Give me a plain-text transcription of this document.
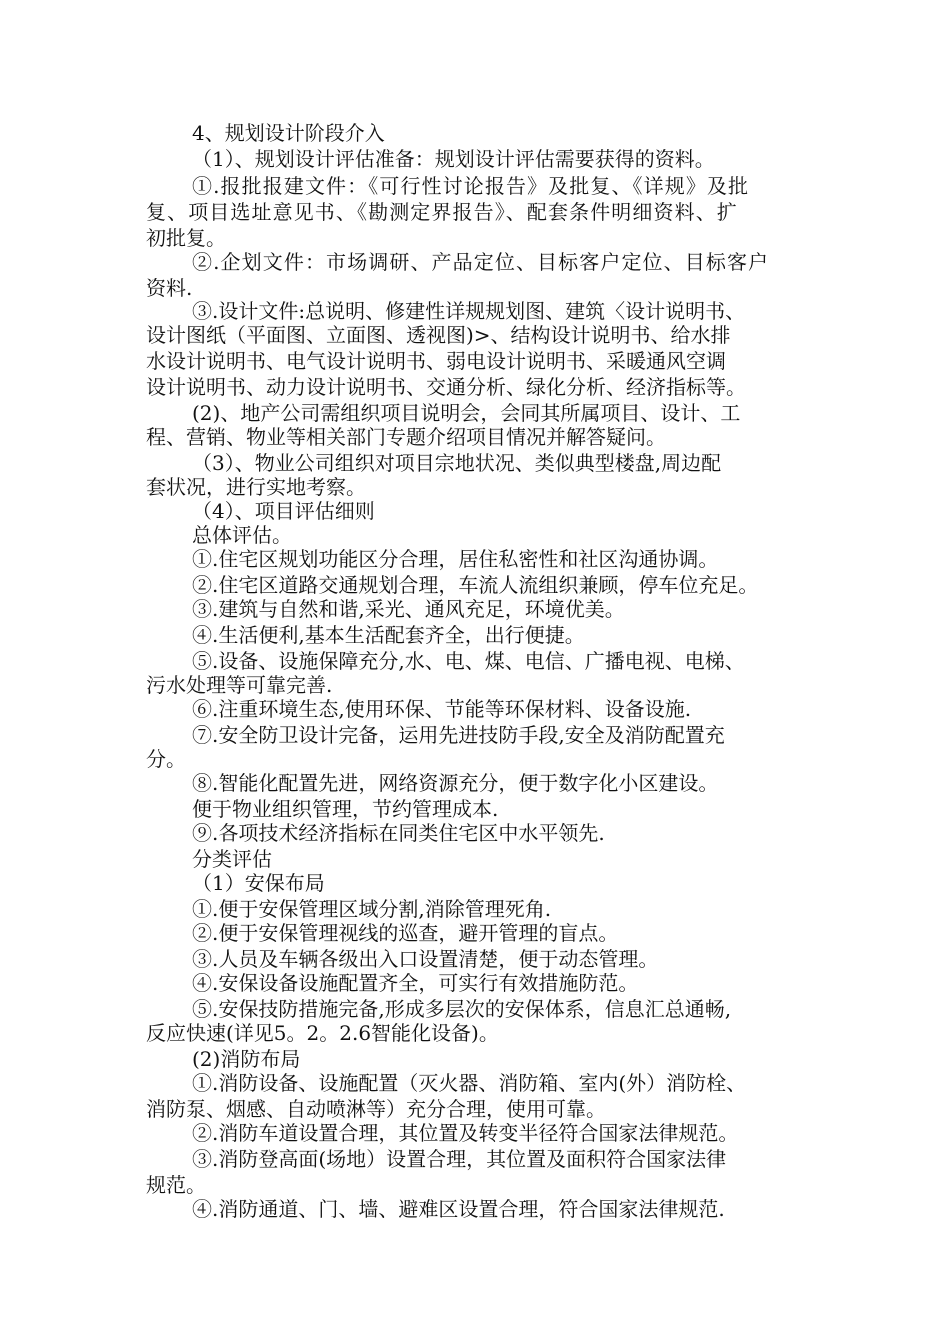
4、规划设计阶段介入
（1）、规划设计评估准备：规划设计评估需要获得的资料。
①.报批报建文件：《可行性讨论报告》及批复、《详规》及批
复、项目选址意见书、《勘测定界报告》、配套条件明细资料、扩
初批复。
②.企划文件：市场调研、产品定位、目标客户定位、目标客户
资料.
③.设计文件:总说明、修建性详规规划图、建筑〈设计说明书、
设计图纸（平面图、立面图、透视图)>、结构设计说明书、给水排
水设计说明书、电气设计说明书、弱电设计说明书、采暖通风空调
设计说明书、动力设计说明书、交通分析、绿化分析、经济指标等。
(2)、地产公司需组织项目说明会，会同其所属项目、设计、工
程、营销、物业等相关部门专题介绍项目情况并解答疑问。
（3）、物业公司组织对项目宗地状况、类似典型楼盘,周边配
套状况，进行实地考察。
（4）、项目评估细则
总体评估。
①.住宅区规划功能区分合理，居住私密性和社区沟通协调。
②.住宅区道路交通规划合理，车流人流组织兼顾，停车位充足。
③.建筑与自然和谐,采光、通风充足，环境优美。
④.生活便利,基本生活配套齐全，出行便捷。
⑤.设备、设施保障充分,水、电、煤、电信、广播电视、电梯、
污水处理等可靠完善.
⑥.注重环境生态,使用环保、节能等环保材料、设备设施.
⑦.安全防卫设计完备，运用先进技防手段,安全及消防配置充
分。
⑧.智能化配置先进，网络资源充分，便于数字化小区建设。
便于物业组织管理，节约管理成本.
⑨.各项技术经济指标在同类住宅区中水平领先.
分类评估
（1）安保布局
①.便于安保管理区域分割,消除管理死角.
②.便于安保管理视线的巡查，避开管理的盲点。
③.人员及车辆各级出入口设置清楚，便于动态管理。
④.安保设备设施配置齐全，可实行有效措施防范。
⑤.安保技防措施完备,形成多层次的安保体系，信息汇总通畅,
反应快速(详见5。2。2.6智能化设备)。
(2)消防布局
①.消防设备、设施配置（灭火器、消防箱、室内(外）消防栓、
消防泵、烟感、自动喷淋等）充分合理，使用可靠。
②.消防车道设置合理，其位置及转变半径符合国家法律规范。
③.消防登高面(场地）设置合理，其位置及面积符合国家法律
规范。
④.消防通道、门、墙、避难区设置合理，符合国家法律规范.
